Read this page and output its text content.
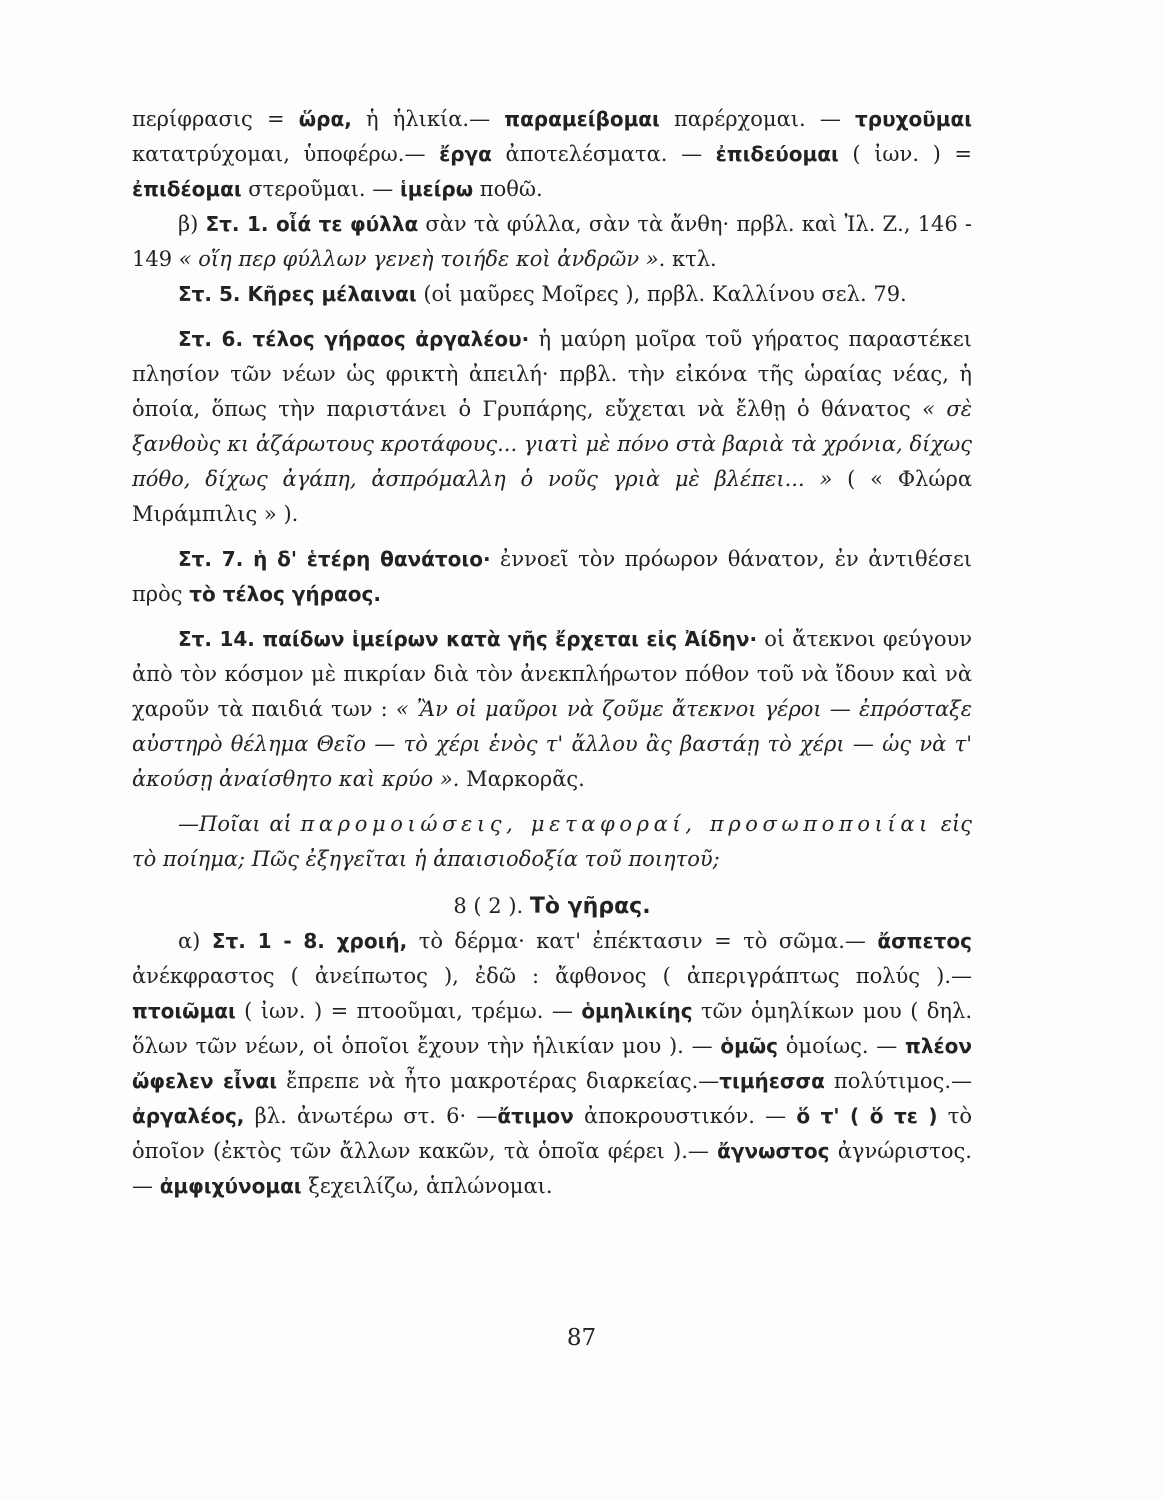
περίφρασις = ὥρα, ἡ ἡλικία.— παραμείβομαι παρέρχομαι. — τρυχοῦμαι κατατρύχομαι, ὑποφέρω.— ἔργα ἀποτελέσματα. — ἐπιδεύομαι ( ἰων. ) = ἐπιδέομαι στεροῦμαι. — ἱμείρω ποθῶ.

β) Στ. 1. οἷά τε φύλλα σὰν τὰ φύλλα, σὰν τὰ ἄνθη· πρβλ. καὶ Ἰλ. Ζ., 146 - 149 « οἵη περ φύλλων γενεὴ τοιήδε κοὶ ἀνδρῶν ». κτλ.

Στ. 5. Κῆρες μέλαιναι (οἱ μαῦρες Μοῖρες ), πρβλ. Καλλίνου σελ. 79.

Στ. 6. τέλος γήραος ἀργαλέου· ἡ μαύρη μοῖρα τοῦ γήρατος παραστέκει πλησίον τῶν νέων ὡς φρικτὴ ἀπειλή· πρβλ. τὴν εἰκόνα τῆς ὡραίας νέας, ἡ ὁποία, ὅπως τὴν παριστάνει ὁ Γρυπάρης, εὔχεται νὰ ἔλθῃ ὁ θάνατος « σὲ ξανθοὺς κι ἀζάρωτους κροτάφους... γιατὶ μὲ πόνο στὰ βαριὰ τὰ χρόνια, δίχως πόθο, δίχως ἀγάπη, ἀσπρόμαλλη ὁ νοῦς γριὰ μὲ βλέπει... » ( « Φλώρα Μιράμπιλις » ).

Στ. 7. ἡ δ' ἑτέρη θανάτοιο· ἐννοεῖ τὸν πρόωρον θάνατον, ἐν ἀντιθέσει πρὸς τὸ τέλος γήραος.

Στ. 14. παίδων ἱμείρων κατὰ γῆς ἔρχεται εἰς Ἀίδην· οἱ ἄτεκνοι φεύγουν ἀπὸ τὸν κόσμον μὲ πικρίαν διὰ τὸν ἀνεκπλήρωτον πόθον τοῦ νὰ ἴδουν καὶ νὰ χαροῦν τὰ παιδιά των : « Ἂν οἱ μαῦροι νὰ ζοῦμε ἄτεκνοι γέροι — ἐπρόσταξε αὐστηρὸ θέλημα Θεῖο — τὸ χέρι ἑνὸς τ' ἄλλου ἂς βαστάῃ τὸ χέρι — ὡς νὰ τ' ἀκούσῃ ἀναίσθητο καὶ κρύο ». Μαρκορᾶς.

—Ποῖαι αἱ παρομοιώσεις, μεταφοραί, προσωποποιίαι εἰς τὸ ποίημα; Πῶς ἐξηγεῖται ἡ ἀπαισιοδοξία τοῦ ποιητοῦ;

8 ( 2 ). Τὸ γῆρας.

α) Στ. 1 - 8. χροιή, τὸ δέρμα· κατ' ἐπέκτασιν = τὸ σῶμα.— ἄσπετος ἀνέκφραστος ( ἀνείπωτος ), ἐδῶ : ἄφθονος ( ἀπεριγράπτως πολύς ).— πτοιῶμαι ( ἰων. ) = πτοοῦμαι, τρέμω. — ὁμηλικίης τῶν ὁμηλίκων μου ( δηλ. ὅλων τῶν νέων, οἱ ὁποῖοι ἔχουν τὴν ἡλικίαν μου ). — ὁμῶς ὁμοίως. — πλέον ὤφελεν εἶναι ἔπρεπε νὰ ἦτο μακροτέρας διαρκείας.—τιμήεσσα πολύτιμος.— ἀργαλέος, βλ. ἀνωτέρω στ. 6· —ἄτιμον ἀποκρουστικόν. — ὅ τ' ( ὅ τε ) τὸ ὁποῖον (ἐκτὸς τῶν ἄλλων κακῶν, τὰ ὁποῖα φέρει ).— ἄγνωστος ἀγνώριστος.— ἀμφιχύνομαι ξεχειλίζω, ἁπλώνομαι.

87
